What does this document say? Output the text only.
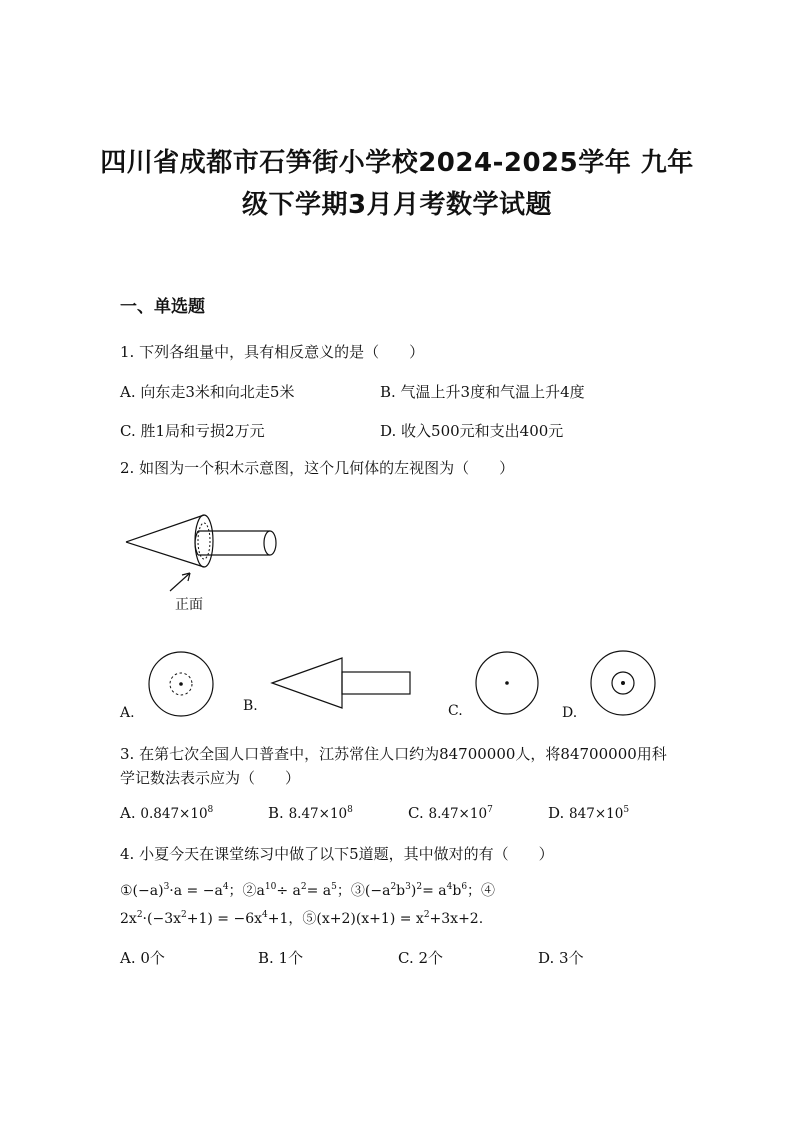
四川省成都市石笋街小学校2024-2025学年 九年
级下学期3月月考数学试题
一、单选题
1. 下列各组量中，具有相反意义的是（　　）
A. 向东走3米和向北走5米	B. 气温上升3度和气温上升4度
C. 胜1局和亏损2万元	D. 收入500元和支出400元
2. 如图为一个积木示意图，这个几何体的左视图为（　　）
正面
A.	B.	C.	D.
3. 在第七次全国人口普查中，江苏常住人口约为84700000人，将84700000用科
学记数法表示应为（　　）
A. $0.847\times 10^8$	B. $8.47\times 10^8$	C. $8.47\times 10^7$	D. $847\times 10^5$
4. 小夏今天在课堂练习中做了以下5道题，其中做对的有（　　）
$①(-a)^3\cdot a = -a^4$；$②a^{10}\div a^2= a^5$；$③(-a^2b^3)^2= a^4b^6$；④
$2x^2\cdot(-3x^2+1) = -6x^4+1$，⑤(x+2)(x+1) = $x^2+3x+2$.
A. 0个	B. 1个	C. 2个	D. 3个
